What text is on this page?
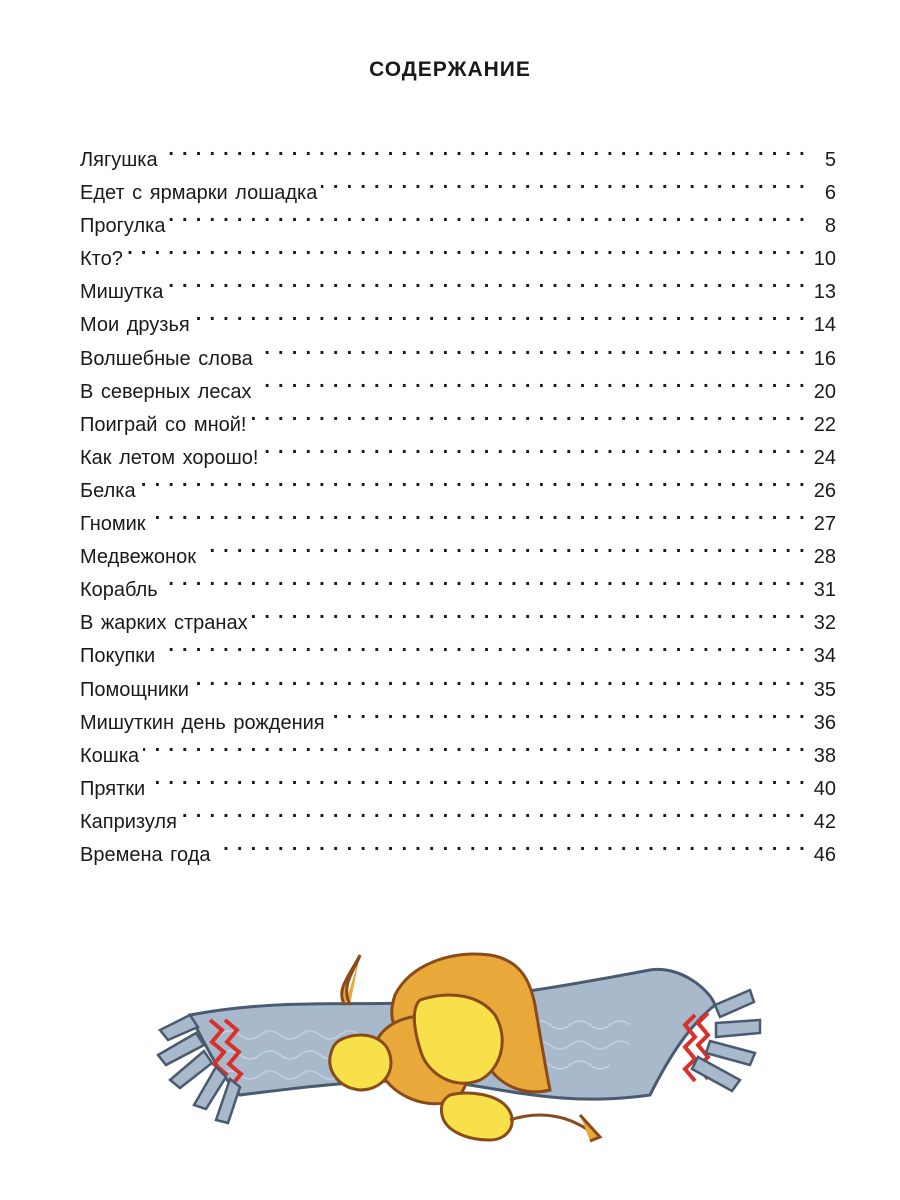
СОДЕРЖАНИЕ
Лягушка . . .	5
Едет с ярмарки лошадка . . .	6
Прогулка . . .	8
Кто? . . .	10
Мишутка . . .	13
Мои друзья . . .	14
Волшебные слова . . .	16
В северных лесах . . .	20
Поиграй со мной! . . .	22
Как летом хорошо! . . .	24
Белка . . .	26
Гномик . . .	27
Медвежонок . . .	28
Корабль . . .	31
В жарких странах . . .	32
Покупки . . .	34
Помощники . . .	35
Мишуткин день рождения . . .	36
Кошка . . .	38
Прятки . . .	40
Капризуля . . .	42
Времена года . . .	46
